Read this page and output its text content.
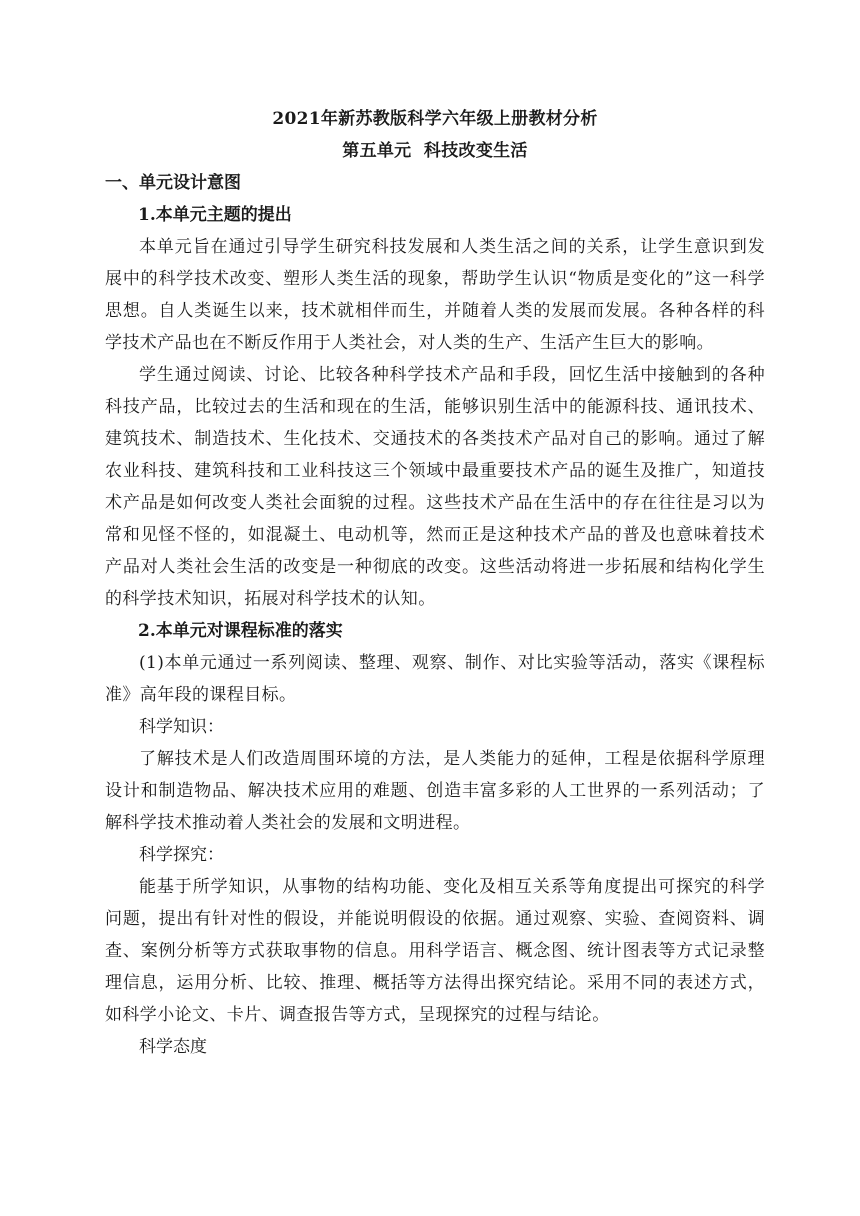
2021年新苏教版科学六年级上册教材分析

第五单元  科技改变生活

一、单元设计意图

1.本单元主题的提出

本单元旨在通过引导学生研究科技发展和人类生活之间的关系，让学生意识到发展中的科学技术改变、塑形人类生活的现象，帮助学生认识“物质是变化的”这一科学思想。自人类诞生以来，技术就相伴而生，并随着人类的发展而发展。各种各样的科学技术产品也在不断反作用于人类社会，对人类的生产、生活产生巨大的影响。

学生通过阅读、讨论、比较各种科学技术产品和手段，回忆生活中接触到的各种科技产品，比较过去的生活和现在的生活，能够识别生活中的能源科技、通讯技术、建筑技术、制造技术、生化技术、交通技术的各类技术产品对自己的影响。通过了解农业科技、建筑科技和工业科技这三个领域中最重要技术产品的诞生及推广，知道技术产品是如何改变人类社会面貌的过程。这些技术产品在生活中的存在往往是习以为常和见怪不怪的，如混凝土、电动机等，然而正是这种技术产品的普及也意味着技术产品对人类社会生活的改变是一种彻底的改变。这些活动将进一步拓展和结构化学生的科学技术知识，拓展对科学技术的认知。

2.本单元对课程标准的落实

(1)本单元通过一系列阅读、整理、观察、制作、对比实验等活动，落实《课程标准》高年段的课程目标。

科学知识：

了解技术是人们改造周围环境的方法，是人类能力的延伸，工程是依据科学原理设计和制造物品、解决技术应用的难题、创造丰富多彩的人工世界的一系列活动；了解科学技术推动着人类社会的发展和文明进程。

科学探究：

能基于所学知识，从事物的结构功能、变化及相互关系等角度提出可探究的科学问题，提出有针对性的假设，并能说明假设的依据。通过观察、实验、查阅资料、调查、案例分析等方式获取事物的信息。用科学语言、概念图、统计图表等方式记录整理信息，运用分析、比较、推理、概括等方法得出探究结论。采用不同的表述方式，如科学小论文、卡片、调查报告等方式，呈现探究的过程与结论。

科学态度
